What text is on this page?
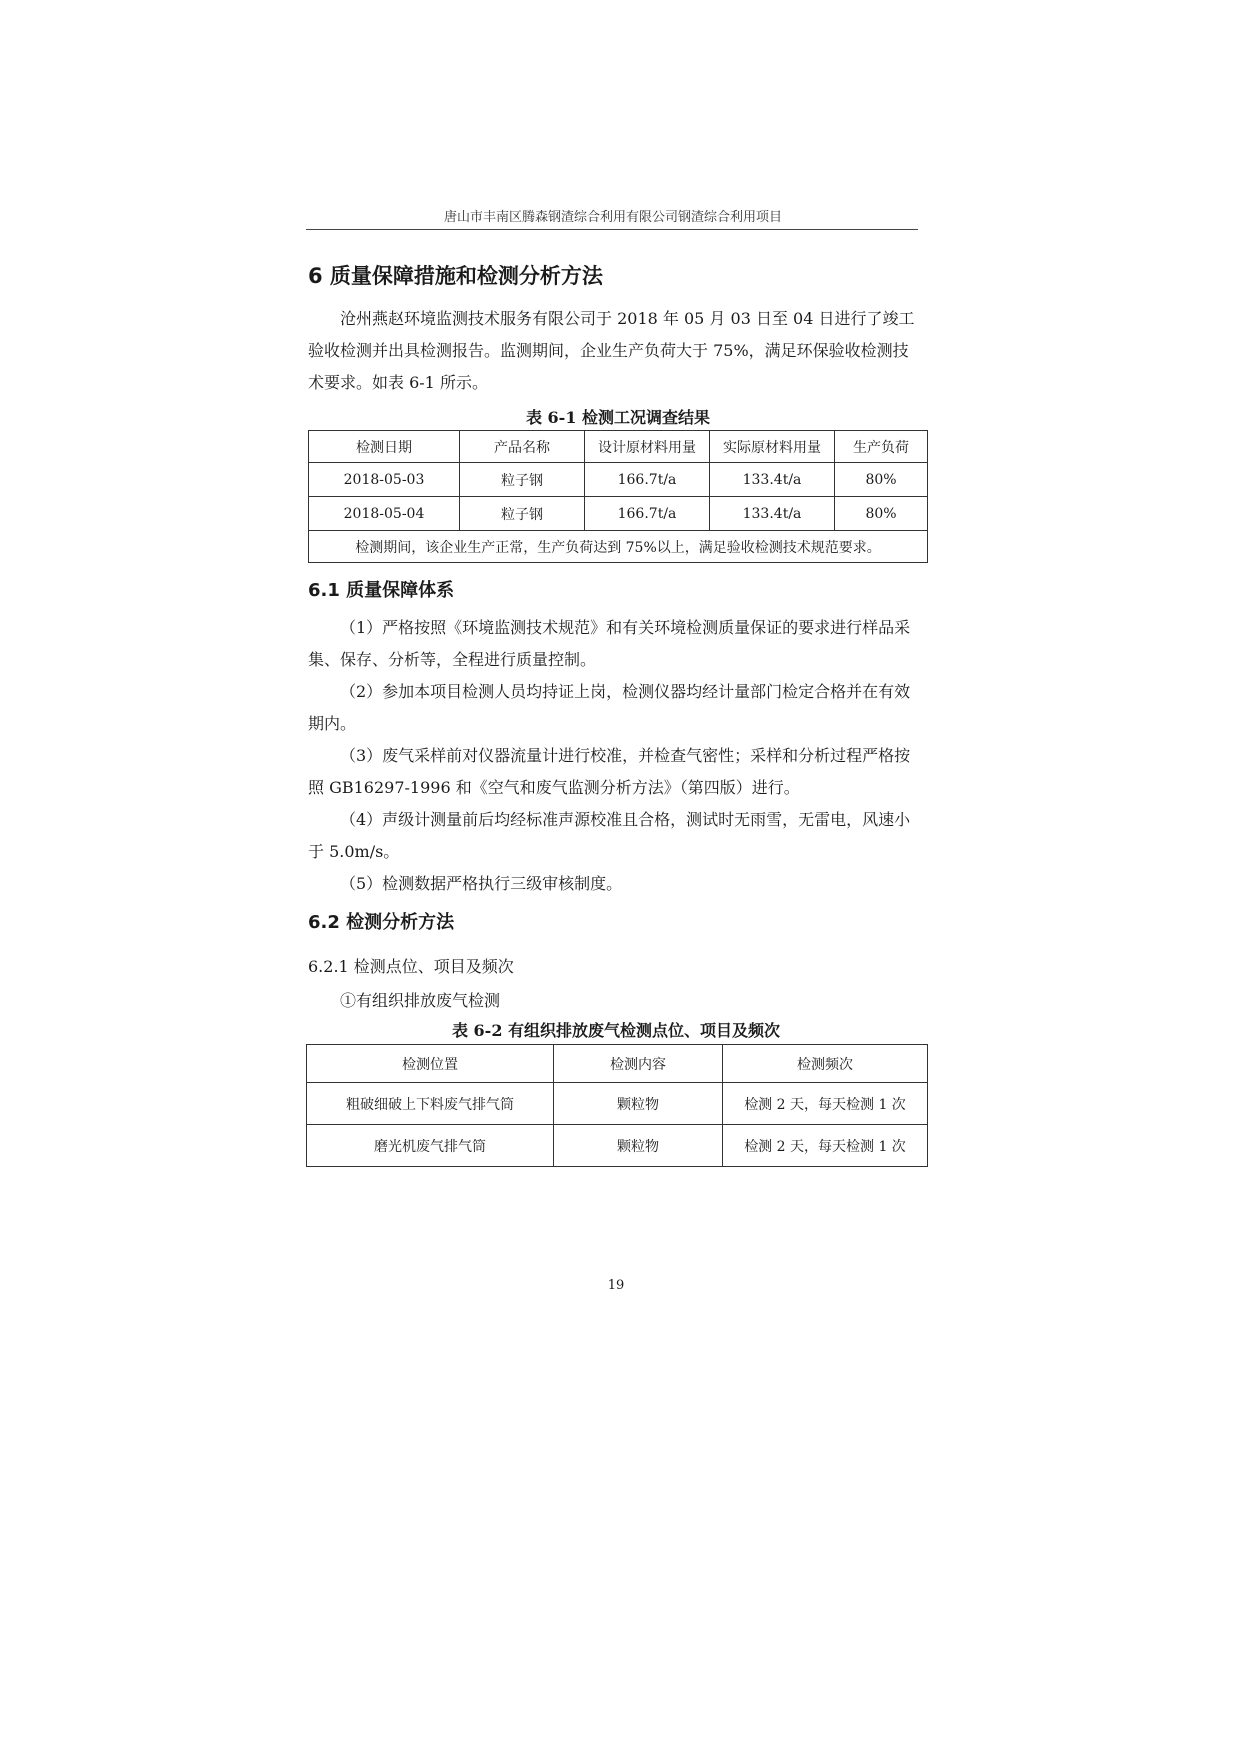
唐山市丰南区腾森钢渣综合利用有限公司钢渣综合利用项目
6 质量保障措施和检测分析方法

沧州燕赵环境监测技术服务有限公司于 2018 年 05 月 03 日至 04 日进行了竣工验收检测并出具检测报告。监测期间，企业生产负荷大于 75%，满足环保验收检测技术要求。如表 6-1 所示。

表 6-1 检测工况调查结果
检测日期	产品名称	设计原材料用量	实际原材料用量	生产负荷
2018-05-03	粒子钢	166.7t/a	133.4t/a	80%
2018-05-04	粒子钢	166.7t/a	133.4t/a	80%
检测期间，该企业生产正常，生产负荷达到 75%以上，满足验收检测技术规范要求。				
6.1 质量保障体系

（1）严格按照《环境监测技术规范》和有关环境检测质量保证的要求进行样品采集、保存、分析等，全程进行质量控制。

（2）参加本项目检测人员均持证上岗，检测仪器均经计量部门检定合格并在有效期内。

（3）废气采样前对仪器流量计进行校准，并检查气密性；采样和分析过程严格按照 GB16297-1996 和《空气和废气监测分析方法》（第四版）进行。

（4）声级计测量前后均经标准声源校准且合格，测试时无雨雪，无雷电，风速小于 5.0m/s。

（5）检测数据严格执行三级审核制度。

6.2 检测分析方法
6.2.1 检测点位、项目及频次
①有组织排放废气检测
表 6-2 有组织排放废气检测点位、项目及频次
检测位置	检测内容	检测频次
粗破细破上下料废气排气筒	颗粒物	检测 2 天，每天检测 1 次
磨光机废气排气筒	颗粒物	检测 2 天，每天检测 1 次
19
